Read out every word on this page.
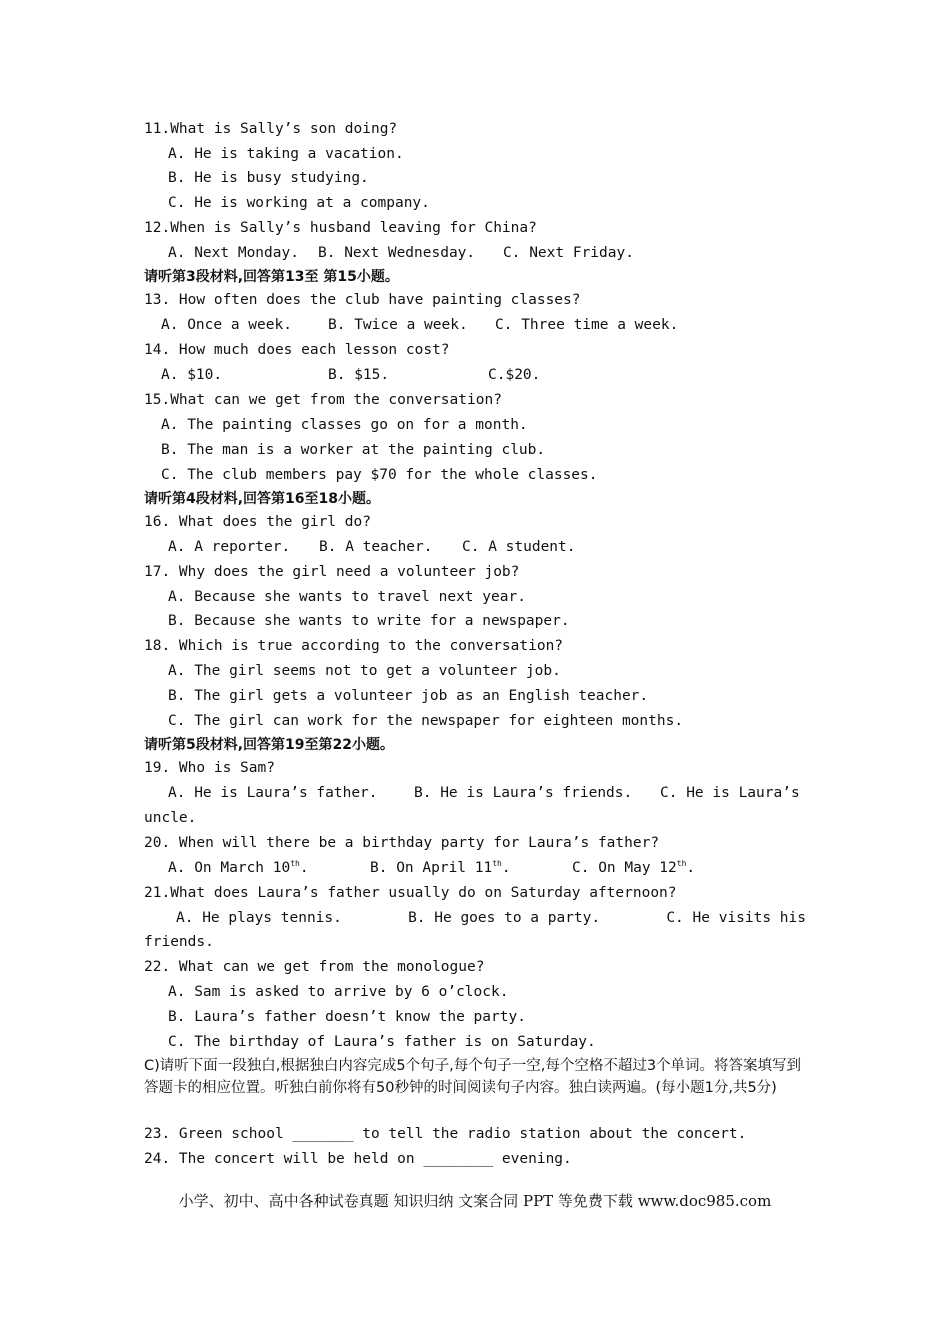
11.What is Sally’s son doing?
A. He is taking a vacation.
B. He is busy studying.
C. He is working at a company.
12.When is Sally’s husband leaving for China?
A. Next Monday. B. Next Wednesday. C. Next Friday.
请听第3段材料,回答第13至 第15小题。
13. How often does the club have painting classes?
A. Once a week. B. Twice a week. C. Three time a week.
14. How much does each lesson cost?
A. $10.	B. $15.	C.$20.
15.What can we get from the conversation?
A. The painting classes go on for a month.
B. The man is a worker at the painting club.
C. The club members pay $70 for the whole classes.
请听第4段材料,回答第16至18小题。
16. What does the girl do?
A. A reporter. B. A teacher. C. A student.
17. Why does the girl need a volunteer job?
A. Because she wants to travel next year.
B. Because she wants to write for a newspaper.
18. Which is true according to the conversation?
A. The girl seems not to get a volunteer job.
B. The girl gets a volunteer job as an English teacher.
C. The girl can work for the newspaper for eighteen months.
请听第5段材料,回答第19至第22小题。
19. Who is Sam?
A. He is Laura’s father.	B. He is Laura’s friends. C. He is Laura’s
uncle.
20. When will there be a birthday party for Laura’s father?
A. On March 10th.	B. On April 11th.	C. On May 12th.
21.What does Laura’s father usually do on Saturday afternoon?
A. He plays tennis.	B. He goes to a party.	C. He visits his
friends.
22. What can we get from the monologue?
A. Sam is asked to arrive by 6 o’clock.
B. Laura’s father doesn’t know the party.
C. The birthday of Laura’s father is on Saturday.
C)请听下面一段独白,根据独白内容完成5个句子,每个句子一空,每个空格不超过3个单词。将答案填写到答题卡的相应位置。听独白前你将有50秒钟的时间阅读句子内容。独白读两遍。(每小题1分,共5分)
23. Green school _______ to tell the radio station about the concert.
24. The concert will be held on ________ evening.
小学、初中、高中各种试卷真题 知识归纳 文案合同 PPT 等免费下载 www.doc985.com
